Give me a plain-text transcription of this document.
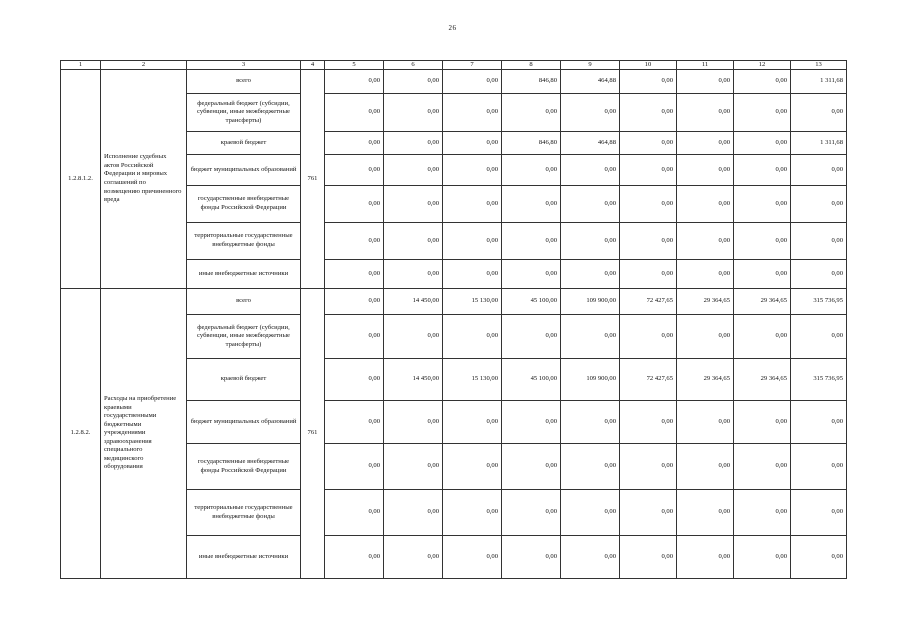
26
1	2	3	4	5	6	7	8	9	10	11	12	13
1.2.8.1.2.	Исполнение судебных актов Российской Федерации и мировых соглашений по возмещению причиненного вреда	всего	761	0,00	0,00	0,00	846,80	464,88	0,00	0,00	0,00	1 311,68
		федеральный бюджет (субсидии, субвенции, иные межбюджетные трансферты)		0,00	0,00	0,00	0,00	0,00	0,00	0,00	0,00	0,00
		краевой бюджет		0,00	0,00	0,00	846,80	464,88	0,00	0,00	0,00	1 311,68
		бюджет муниципальных образований		0,00	0,00	0,00	0,00	0,00	0,00	0,00	0,00	0,00
		государственные внебюджетные фонды Российской Федерации		0,00	0,00	0,00	0,00	0,00	0,00	0,00	0,00	0,00
		территориальные государственные внебюджетные фонды		0,00	0,00	0,00	0,00	0,00	0,00	0,00	0,00	0,00
		иные внебюджетные источники		0,00	0,00	0,00	0,00	0,00	0,00	0,00	0,00	0,00
1.2.8.2.	Расходы на приобретение краевыми государственными бюджетными учреждениями здравоохранения специального медицинского оборудования	всего	761	0,00	14 450,00	15 130,00	45 100,00	109 900,00	72 427,65	29 364,65	29 364,65	315 736,95
		федеральный бюджет (субсидии, субвенции, иные межбюджетные трансферты)		0,00	0,00	0,00	0,00	0,00	0,00	0,00	0,00	0,00
		краевой бюджет		0,00	14 450,00	15 130,00	45 100,00	109 900,00	72 427,65	29 364,65	29 364,65	315 736,95
		бюджет муниципальных образований		0,00	0,00	0,00	0,00	0,00	0,00	0,00	0,00	0,00
		государственные внебюджетные фонды Российской Федерации		0,00	0,00	0,00	0,00	0,00	0,00	0,00	0,00	0,00
		территориальные государственные внебюджетные фонды		0,00	0,00	0,00	0,00	0,00	0,00	0,00	0,00	0,00
		иные внебюджетные источники		0,00	0,00	0,00	0,00	0,00	0,00	0,00	0,00	0,00
